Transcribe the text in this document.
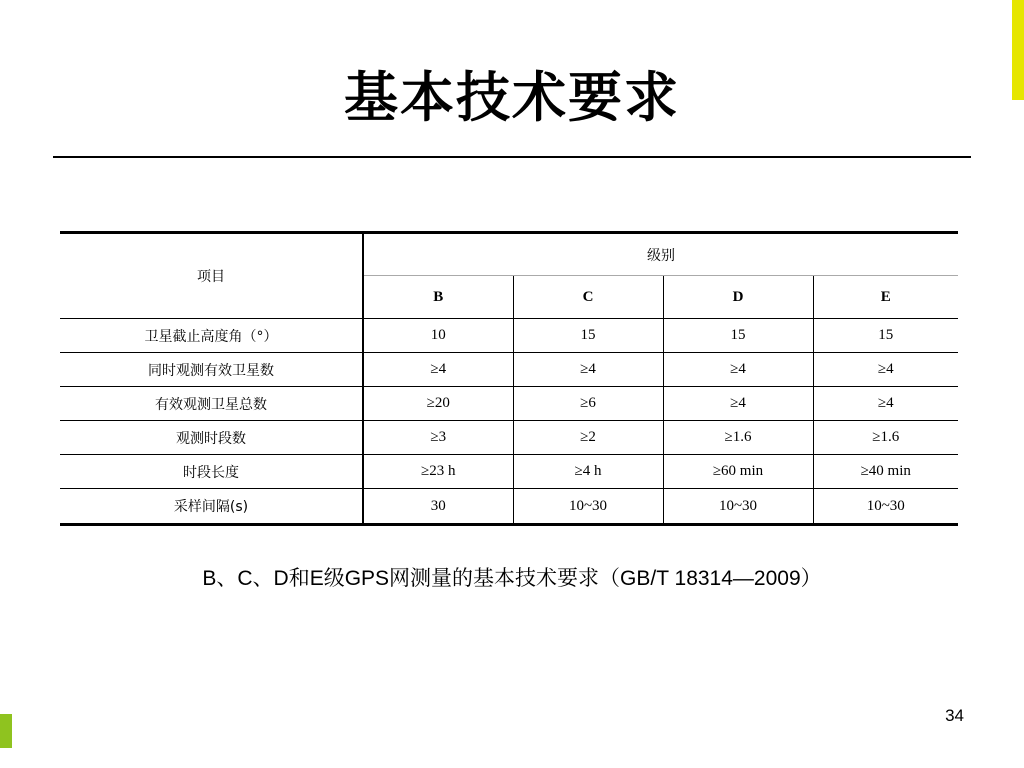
基本技术要求
项目	级别			
	B	C	D	E
卫星截止高度角（°）	10	15	15	15
同时观测有效卫星数	≥4	≥4	≥4	≥4
有效观测卫星总数	≥20	≥6	≥4	≥4
观测时段数	≥3	≥2	≥1.6	≥1.6
时段长度	≥23 h	≥4 h	≥60 min	≥40 min
采样间隔(s)	30	10~30	10~30	10~30
B、C、D和E级GPS网测量的基本技术要求（GB/T 18314—2009）
34
